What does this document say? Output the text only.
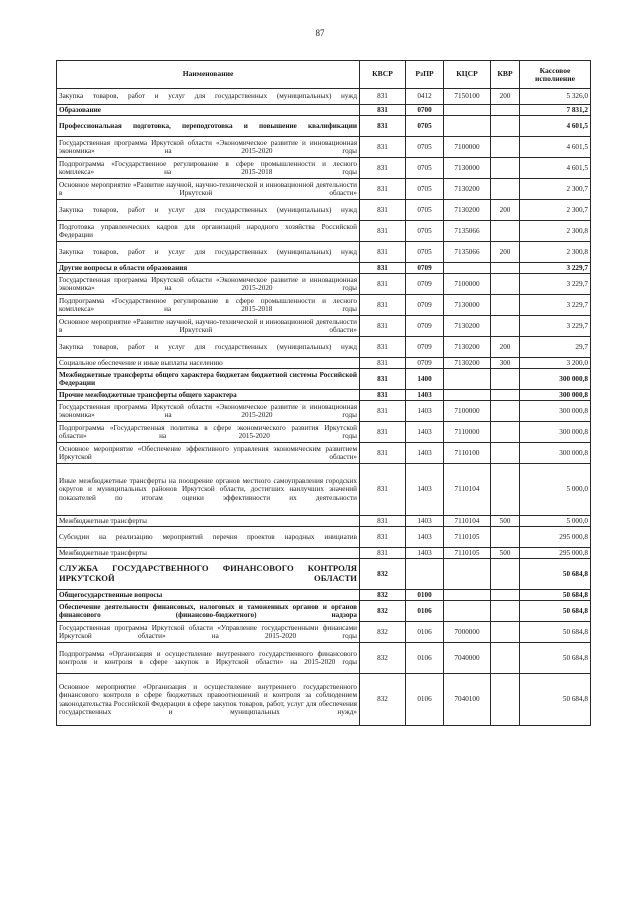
87
Наименование	КВСР	РзПР	КЦСР	КВР	Кассовое исполнение
Закупка товаров, работ и услуг для государственных (муниципальных) нужд	831	0412	7150100	200	5 326,0
Образование	831	0700			7 831,2
Профессиональная подготовка, переподготовка и повышение квалификации	831	0705			4 601,5
Государственная программа Иркутской области «Экономическое развитие и инновационная экономика» на 2015-2020 годы	831	0705	7100000		4 601,5
Подпрограмма «Государственное регулирование в сфере промышленности и лесного комплекса» на 2015-2018 годы	831	0705	7130000		4 601,5
Основное мероприятие «Развитие научной, научно-технической и инновационной деятельности в Иркутской области»	831	0705	7130200		2 300,7
Закупка товаров, работ и услуг для государственных (муниципальных) нужд	831	0705	7130200	200	2 300,7
Подготовка управленческих кадров для организаций народного хозяйства Российской Федерации	831	0705	7135066		2 300,8
Закупка товаров, работ и услуг для государственных (муниципальных) нужд	831	0705	7135066	200	2 300,8
Другие вопросы в области образования	831	0709			3 229,7
Государственная программа Иркутской области «Экономическое развитие и инновационная экономика» на 2015-2020 годы	831	0709	7100000		3 229,7
Подпрограмма «Государственное регулирование в сфере промышленности и лесного комплекса» на 2015-2018 годы	831	0709	7130000		3 229,7
Основное мероприятие «Развитие научной, научно-технической и инновационной деятельности в Иркутской области»	831	0709	7130200		3 229,7
Закупка товаров, работ и услуг для государственных (муниципальных) нужд	831	0709	7130200	200	29,7
Социальное обеспечение и иные выплаты населению	831	0709	7130200	300	3 200,0
Межбюджетные трансферты общего характера бюджетам бюджетной системы Российской Федерации	831	1400			300 000,8
Прочие межбюджетные трансферты общего характера	831	1403			300 000,8
Государственная программа Иркутской области «Экономическое развитие и инновационная экономика» на 2015-2020 годы	831	1403	7100000		300 000,8
Подпрограмма «Государственная политика в сфере экономического развития Иркутской области» на 2015-2020 годы	831	1403	7110000		300 000,8
Основное мероприятие «Обеспечение эффективного управления экономическим развитием Иркутской области»	831	1403	7110100		300 000,8
Иные межбюджетные трансферты на поощрение органов местного самоуправления городских округов и муниципальных районов Иркутской области, достигших наилучших значений показателей по итогам оценки эффективности их деятельности	831	1403	7110104		5 000,0
Межбюджетные трансферты	831	1403	7110104	500	5 000,0
Субсидии на реализацию мероприятий перечня проектов народных инициатив	831	1403	7110105		295 000,8
Межбюджетные трансферты	831	1403	7110105	500	295 000,8
СЛУЖБА ГОСУДАРСТВЕННОГО ФИНАНСОВОГО КОНТРОЛЯ ИРКУТСКОЙ ОБЛАСТИ	832				50 684,8
Общегосударственные вопросы	832	0100			50 684,8
Обеспечение деятельности финансовых, налоговых и таможенных органов и органов финансового (финансово-бюджетного) надзора	832	0106			50 684,8
Государственная программа Иркутской области «Управление государственными финансами Иркутской области» на 2015-2020 годы	832	0106	7000000		50 684,8
Подпрограмма «Организация и осуществление внутреннего государственного финансового контроля и контроля в сфере закупок в Иркутской области» на 2015-2020 годы	832	0106	7040000		50 684,8
Основное мероприятие «Организация и осуществление внутреннего государственного финансового контроля в сфере бюджетных правоотношений и контроля за соблюдением законодательства Российской Федерации в сфере закупок товаров, работ, услуг для обеспечения государственных и муниципальных нужд»	832	0106	7040100		50 684,8
